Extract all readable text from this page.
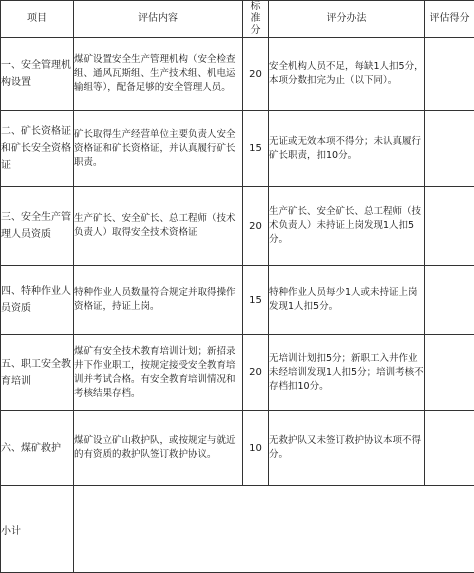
项目	评估内容	标准分	评分办法	评估得分
一、安全管理机构设置	煤矿设置安全生产管理机构（安全检查组、通风瓦斯组、生产技术组、机电运输组等），配备足够的安全管理人员。	20	安全机构人员不足，每缺1人扣5分，本项分数扣完为止（以下同）。	
二、矿长资格证和矿长安全资格证	矿长取得生产经营单位主要负责人安全资格证和矿长资格证，并认真履行矿长职责。	15	无证或无效本项不得分；未认真履行矿长职责，扣10分。	
三、安全生产管理人员资质	生产矿长、安全矿长、总工程师（技术负责人）取得安全技术资格证	20	生产矿长、安全矿长、总工程师（技术负责人）未持证上岗发现1人扣5分。	
四、特种作业人员资质	特种作业人员数量符合规定并取得操作资格证，持证上岗。	15	特种作业人员每少1人或未持证上岗发现1人扣5分。	
五、职工安全教育培训	煤矿有安全技术教育培训计划；新招录井下作业职工，按规定接受安全教育培训并考试合格。有安全教育培训情况和考核结果存档。	20	无培训计划扣5分；新职工入井作业未经培训发现1人扣5分；培训考核不存档扣10分。	
六、煤矿救护	煤矿设立矿山救护队，或按规定与就近的有资质的救护队签订救护协议。	10	无救护队又未签订救护协议本项不得分。	
小计				
